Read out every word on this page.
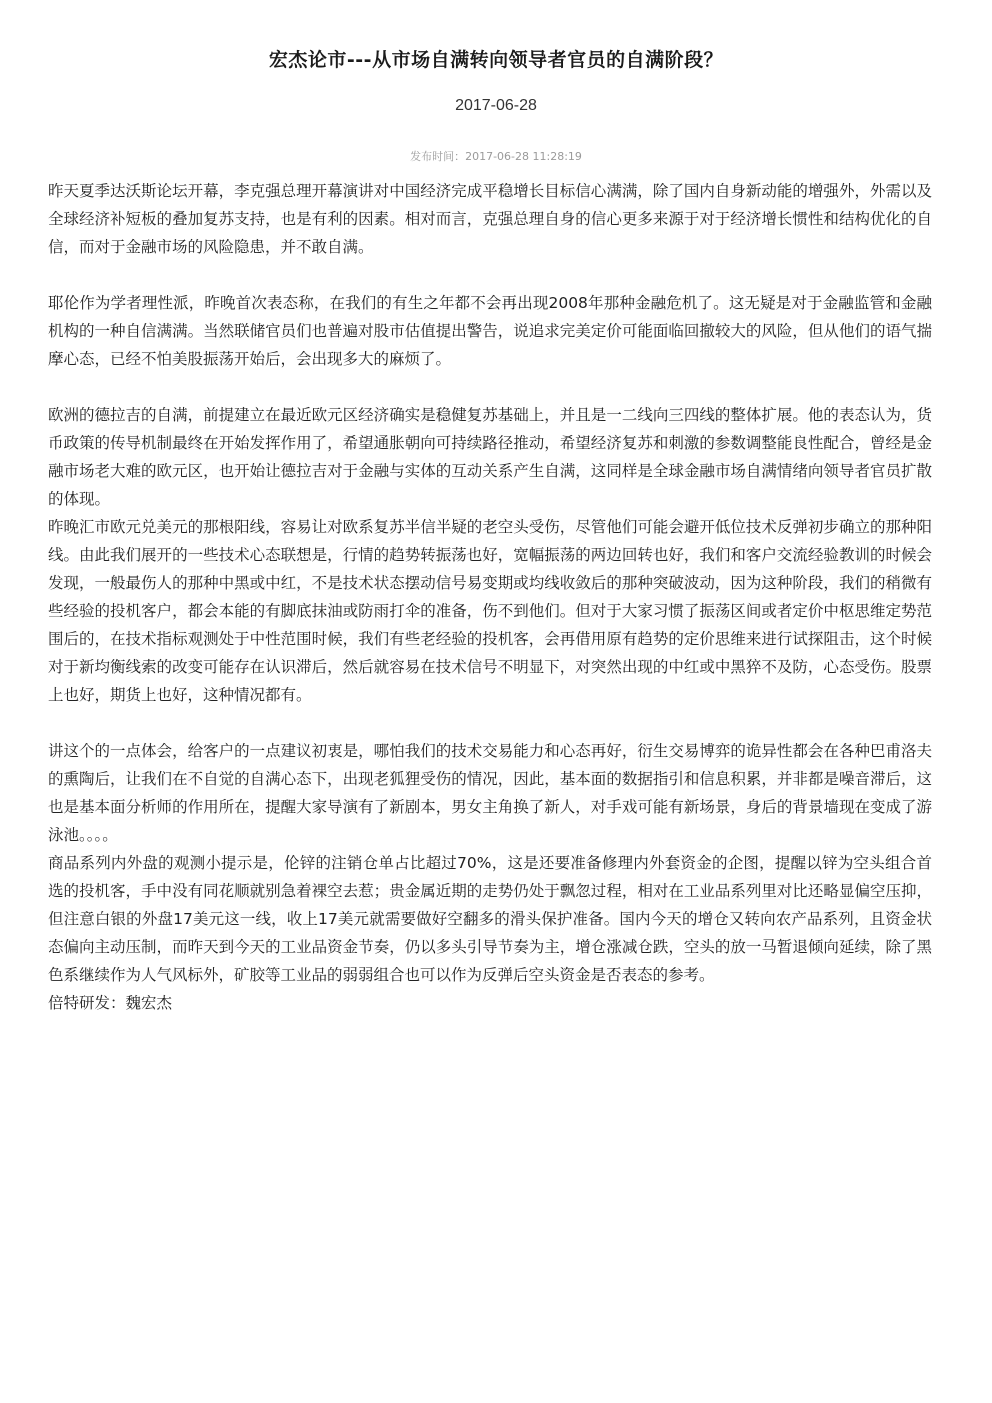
宏杰论市---从市场自满转向领导者官员的自满阶段？
2017-06-28
发布时间：2017-06-28 11:28:19

昨天夏季达沃斯论坛开幕，李克强总理开幕演讲对中国经济完成平稳增长目标信心满满，除了国内自身新动能的增强外，外需以及全球经济补短板的叠加复苏支持，也是有利的因素。相对而言，克强总理自身的信心更多来源于对于经济增长惯性和结构优化的自信，而对于金融市场的风险隐患，并不敢自满。

耶伦作为学者理性派，昨晚首次表态称，在我们的有生之年都不会再出现2008年那种金融危机了。这无疑是对于金融监管和金融机构的一种自信满满。当然联储官员们也普遍对股市估值提出警告，说追求完美定价可能面临回撤较大的风险，但从他们的语气揣摩心态，已经不怕美股振荡开始后，会出现多大的麻烦了。

欧洲的德拉吉的自满，前提建立在最近欧元区经济确实是稳健复苏基础上，并且是一二线向三四线的整体扩展。他的表态认为，货币政策的传导机制最终在开始发挥作用了，希望通胀朝向可持续路径推动，希望经济复苏和刺激的参数调整能良性配合，曾经是金融市场老大难的欧元区，也开始让德拉吉对于金融与实体的互动关系产生自满，这同样是全球金融市场自满情绪向领导者官员扩散的体现。

昨晚汇市欧元兑美元的那根阳线，容易让对欧系复苏半信半疑的老空头受伤，尽管他们可能会避开低位技术反弹初步确立的那种阳线。由此我们展开的一些技术心态联想是，行情的趋势转振荡也好，宽幅振荡的两边回转也好，我们和客户交流经验教训的时候会发现，一般最伤人的那种中黑或中红，不是技术状态摆动信号易变期或均线收敛后的那种突破波动，因为这种阶段，我们的稍微有些经验的投机客户，都会本能的有脚底抹油或防雨打伞的准备，伤不到他们。但对于大家习惯了振荡区间或者定价中枢思维定势范围后的，在技术指标观测处于中性范围时候，我们有些老经验的投机客，会再借用原有趋势的定价思维来进行试探阻击，这个时候对于新均衡线索的改变可能存在认识滞后，然后就容易在技术信号不明显下，对突然出现的中红或中黑猝不及防，心态受伤。股票上也好，期货上也好，这种情况都有。

讲这个的一点体会，给客户的一点建议初衷是，哪怕我们的技术交易能力和心态再好，衍生交易博弈的诡异性都会在各种巴甫洛夫的熏陶后，让我们在不自觉的自满心态下，出现老狐狸受伤的情况，因此，基本面的数据指引和信息积累，并非都是噪音滞后，这也是基本面分析师的作用所在，提醒大家导演有了新剧本，男女主角换了新人，对手戏可能有新场景，身后的背景墙现在变成了游泳池。。。。

商品系列内外盘的观测小提示是，伦锌的注销仓单占比超过70%，这是还要准备修理内外套资金的企图，提醒以锌为空头组合首选的投机客，手中没有同花顺就别急着裸空去惹；贵金属近期的走势仍处于飘忽过程，相对在工业品系列里对比还略显偏空压抑，但注意白银的外盘17美元这一线，收上17美元就需要做好空翻多的滑头保护准备。国内今天的增仓又转向农产品系列，且资金状态偏向主动压制，而昨天到今天的工业品资金节奏，仍以多头引导节奏为主，增仓涨减仓跌，空头的放一马暂退倾向延续，除了黑色系继续作为人气风标外，矿胶等工业品的弱弱组合也可以作为反弹后空头资金是否表态的参考。

倍特研发：魏宏杰
